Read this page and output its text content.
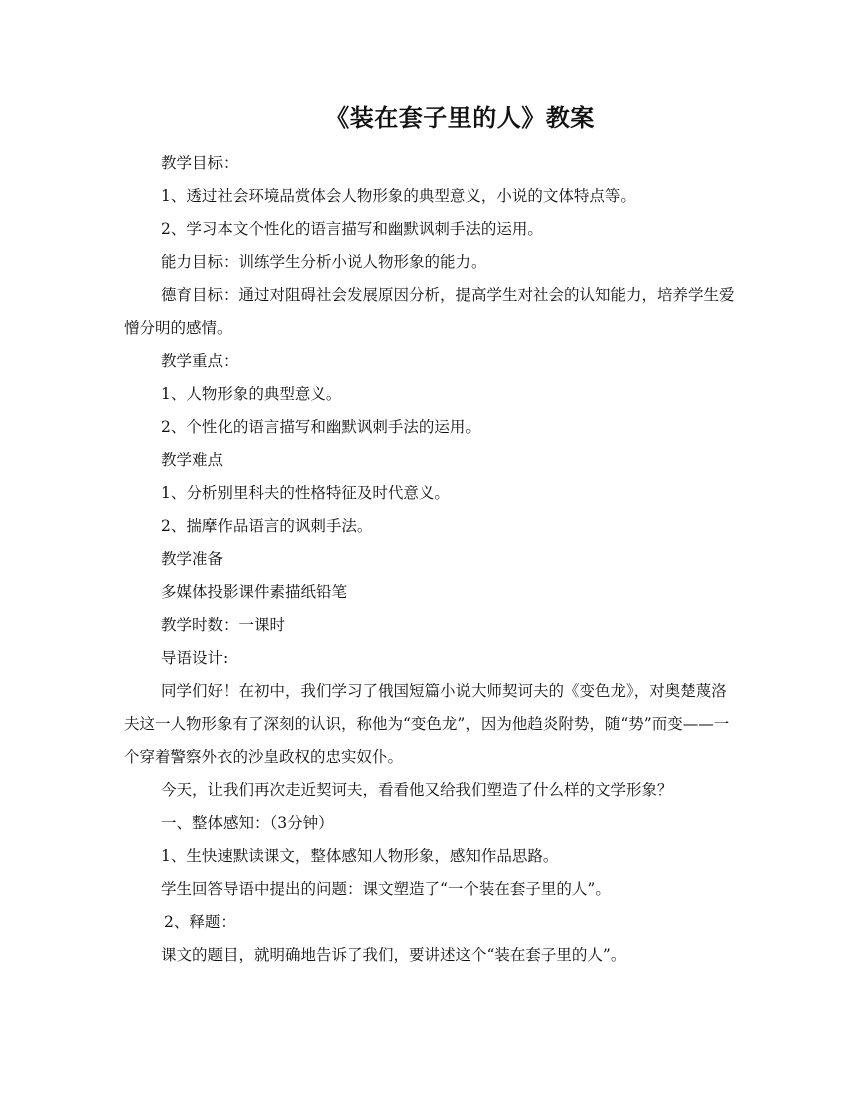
《装在套子里的人》教案

教学目标：

1、透过社会环境品赏体会人物形象的典型意义，小说的文体特点等。

2、学习本文个性化的语言描写和幽默讽刺手法的运用。

能力目标：训练学生分析小说人物形象的能力。

德育目标：通过对阻碍社会发展原因分析，提高学生对社会的认知能力，培养学生爱憎分明的感情。

教学重点：

1、人物形象的典型意义。

2、个性化的语言描写和幽默讽刺手法的运用。

教学难点

1、分析别里科夫的性格特征及时代意义。

2、揣摩作品语言的讽刺手法。

教学准备

多媒体投影课件素描纸铅笔

教学时数：一课时

导语设计:

同学们好！在初中，我们学习了俄国短篇小说大师契诃夫的《变色龙》，对奥楚蔑洛夫这一人物形象有了深刻的认识，称他为“变色龙”，因为他趋炎附势，随“势”而变——一个穿着警察外衣的沙皇政权的忠实奴仆。

今天，让我们再次走近契诃夫，看看他又给我们塑造了什么样的文学形象？

一、整体感知：（3分钟）

1、生快速默读课文，整体感知人物形象，感知作品思路。

学生回答导语中提出的问题：课文塑造了“一个装在套子里的人”。

2、释题：

课文的题目，就明确地告诉了我们，要讲述这个“装在套子里的人”。
